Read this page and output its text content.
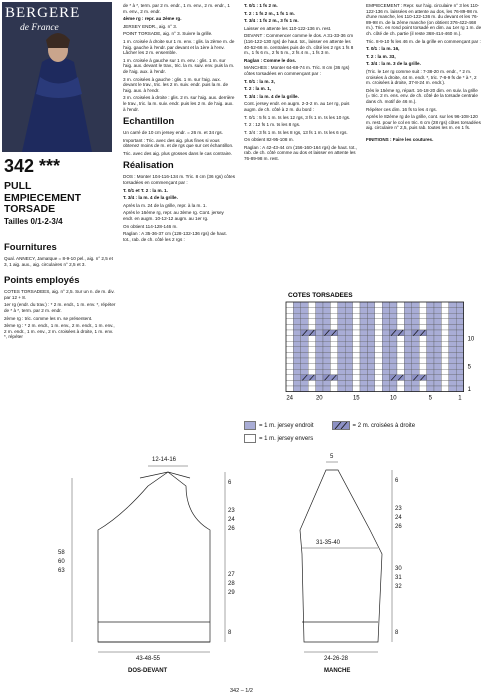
BERGERE
de France
342 ***
PULL
EMPIECEMENT
TORSADE
Tailles 0/1-2-3/4
Fournitures

Qual. ANNECY, Jamaïque = 8-9-10 pel., aig. n° 2,5 et 3, 1 aig. aux., aig. circulaires n° 2,5 et 3.

Points employés

COTES TORSADEES, aig. n° 2,5. Sur un n. de m. div. par 12 + 8.

1er rg (endr. du trav.) : * 2 m. endr., 1 m. env. *, répéter de * à *, term. par 2 m. endr.

2ème rg : tric. comme les m. se présentent.

3ème rg : * 2 m. endr., 1 m. env., 2 m. endr., 1 m. env., 2 m. endr., 1 m. env., 2 m. croisées à droite, 1 m. env. *, répéter

de * à *, term. par 2 m. endr., 1 m. env., 2 m. endr., 1 m. env., 2 m. endr.

4ème rg : repr. au 2ème rg.

JERSEY ENDR., aig. n° 3.

POINT TORSADE, aig. n° 3. Suivre la grille.

1 m. croisée à droite sur 1 m. env. : glis. la 2ème m. de l'aig. gauche à l'endr. par devant et la 1ère à l'env. Lâcher les 2 m. ensemble.

1 m. croisée à gauche sur 1 m. env. : glis. 1 m. sur l'aig. aux. devant le trav., tric. la m. suiv. env. puis la m. de l'aig. aux. à l'endr.

3 m. croisées à gauche : glis. 1 m. sur l'aig. aux. devant le trav., tric. les 2 m. suiv. endr. puis la m. de l'aig. aux. à l'endr.

3 m. croisées à droite : glis. 2 m. sur l'aig. aux. derrière le trav., tric. la m. suiv. endr. puis les 2 m. de l'aig. aux. à l'endr.

Echantillon

Un carré de 10 cm jersey endr. = 26 m. et 34 rgs.

Important : Tric. avec des aig. plus fines si vous obtenez moins de m. et de rgs que sur cet échantillon.

Tric. avec des aig. plus grosses dans le cas contraire.

Réalisation

DOS : Monter 104-116-134 m. Tric. 8 cm (36 rgs) côtes torsadées en commençant par :

T. 0/1 et T. 2 : la m. 1.

T. 3/4 : la m. 4 de la grille.

Après la m. 24 de la grille, repr. à la m. 1.

Après le 16ème rg, repr. au 3ème rg. Cont. jersey endr. en augm. 10-12-12 augm. au 1er rg.

On obtient 114-128-146 m.

Raglan : A 35-36-37 cm (128-132-136 rgs) de haut. tot., rab. de ch. côté les 2 rgs :

T. 0/1 : 1 fs 2 m.

T. 2 : 1 fs 2 m., 1 fs 1 m.

T. 3/4 : 1 fs 2 m., 3 fs 1 m.

Laisser en attente les 110-122-136 m. rest.

DEVANT : Commencer comme le dos. A 31-33-36 cm (116-122-130 rgs) de haut. tot., laisser en attente les 40-52-66 m. centrales puis de ch. côté les 2 rgs 1 fs 8 m., 1 fs 6 m., 2 fs 5 m., 2 fs 4 m., 1 fs 3 m.

Raglan : Comme le dos.

MANCHES : Monter 64-68-74 m. Tric. 8 cm (36 rgs) côtes torsadées en commençant par :

T. 0/1 : la m. 3,

T. 2 : la m. 1,

T. 3/4 : la m. 4 de la grille.

Cont. jersey endr. en augm. 2-3-2 m. au 1er rg, puis augm. de ch. côté à 2 m. du bord :

T. 0/1 : 5 fs 1 m. ts les 12 rgs, 3 fs 1 m. ts les 10 rgs.

T. 2 : 12 fs 1 m. ts les 8 rgs.

T. 3/4 : 3 fs 1 m. ts les 8 rgs, 13 fs 1 m. ts les 6 rgs.

On obtient 82-95-108 m.

Raglan : A 42-43-44 cm (156-160-164 rgs) de haut. tot., rab. de ch. côté comme au dos et laisser en attente les 76-89-98 m. rest.

EMPIECEMENT : Repr. sur l'aig. circulaire n° 3 les 110-122-136 m. laissées en attente au dos, les 76-89-98 m. d'une manche, les 110-122-136 m. du devant et les 76-89-98 m. de la 2ème manche (on obtient 376-422-468 m.). Tric. en rond point torsadé en dim. au 1er rg 1 m. de ch. côté de ch. partie (il reste 368-414-460 m.).

Tric. 8-9-10 fs les 46 m. de la grille en commençant par :

T. 0/1 : la m. 16,

T. 2 : la m. 33,

T. 3/4 : la m. 3 de la grille.

(Tric. le 1er rg comme suit : 7-38-20 m. endr., * 2 m. croisées à droite, 44 m. endr. *, tric. 7-8-9 fs de * à *, 2 m. croisées à droite, 37-8-24 m. endr.).

Dès le 15ème rg, répart. 16-18-20 dim. en suiv. la grille (= tric. 2 m. ens. env. de ch. côté de la torsade centrale dans ch. motif de 46 m.).

Répéter ces dim. 16 fs to les 4 rgs.

Après le 82ème rg de la grille, cont. sur les 96-108-120 m. rest. pour le col en tric. 6 cm (28 rgs) côtes torsadées aig. circulaire n° 2,5, puis rab. toutes les m. en 1 fs.

FINITIONS : Faire les coutures.

COTES TORSADEES
24	20	15	10	5	1
10
5
1
= 1 m. jersey endroit	= 2 m. croisées à droite
= 1 m. jersey envers
12-14-16
6
23
24
26
27
28
29
8
58
60
63
43-48-55
DOS-DEVANT
5
6
23
24
26
30
31
32
8
31-35-40
24-26-28
MANCHE
342 – 1/2
